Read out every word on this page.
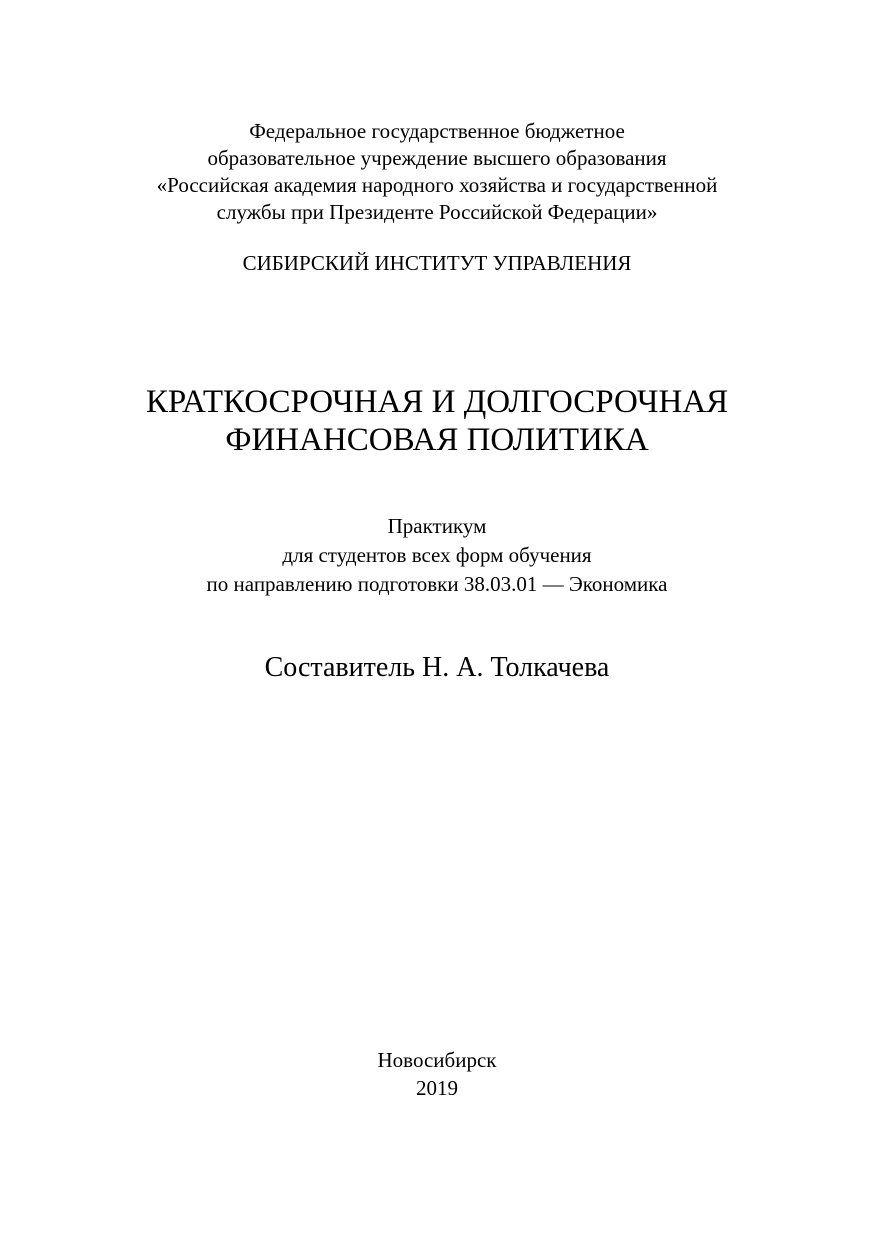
Федеральное государственное бюджетное
образовательное учреждение высшего образования
«Российская академия народного хозяйства и государственной
службы при Президенте Российской Федерации»
СИБИРСКИЙ ИНСТИТУТ УПРАВЛЕНИЯ
КРАТКОСРОЧНАЯ И ДОЛГОСРОЧНАЯ
ФИНАНСОВАЯ ПОЛИТИКА
Практикум
для студентов всех форм обучения
по направлению подготовки 38.03.01 — Экономика
Составитель Н. А. Толкачева
Новосибирск
2019
